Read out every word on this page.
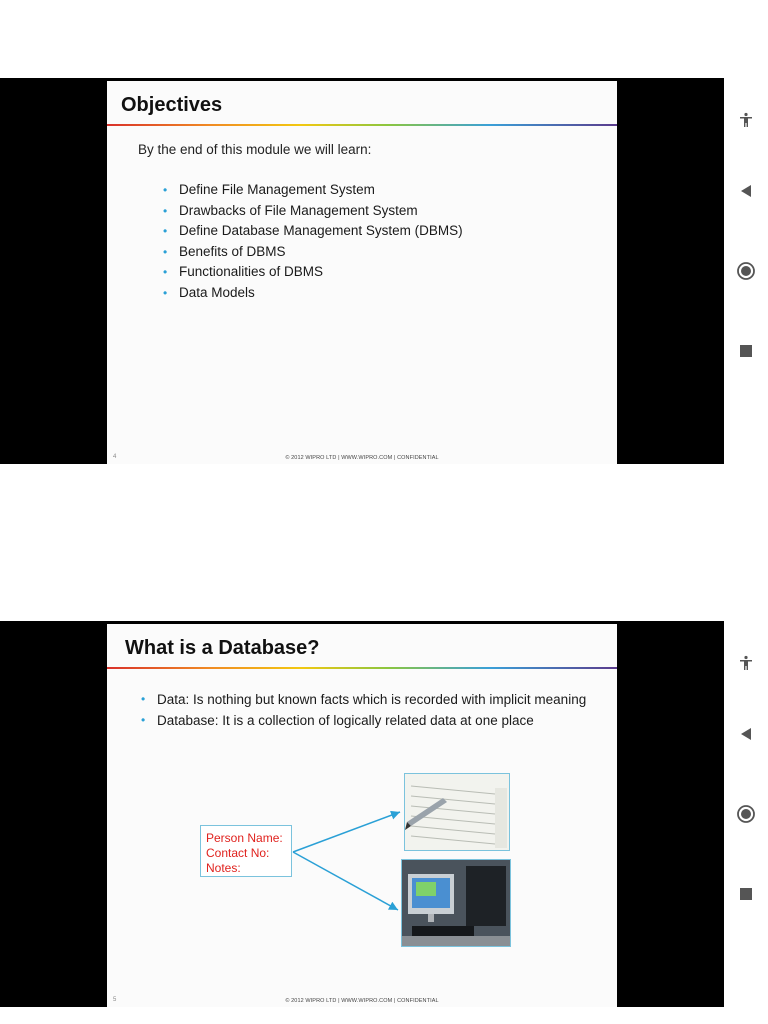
Objectives
By the end of this module we will learn:
• Define File Management System
• Drawbacks of File Management System
• Define Database Management System (DBMS)
• Benefits of DBMS
• Functionalities of DBMS
• Data Models
4	© 2012 WIPRO LTD | WWW.WIPRO.COM | CONFIDENTIAL
What is a Database?
• Data: Is nothing but known facts which is recorded with implicit meaning
• Database: It is a collection of logically related data at one place
Person Name:
Contact No:
Notes:
5	© 2012 WIPRO LTD | WWW.WIPRO.COM | CONFIDENTIAL
